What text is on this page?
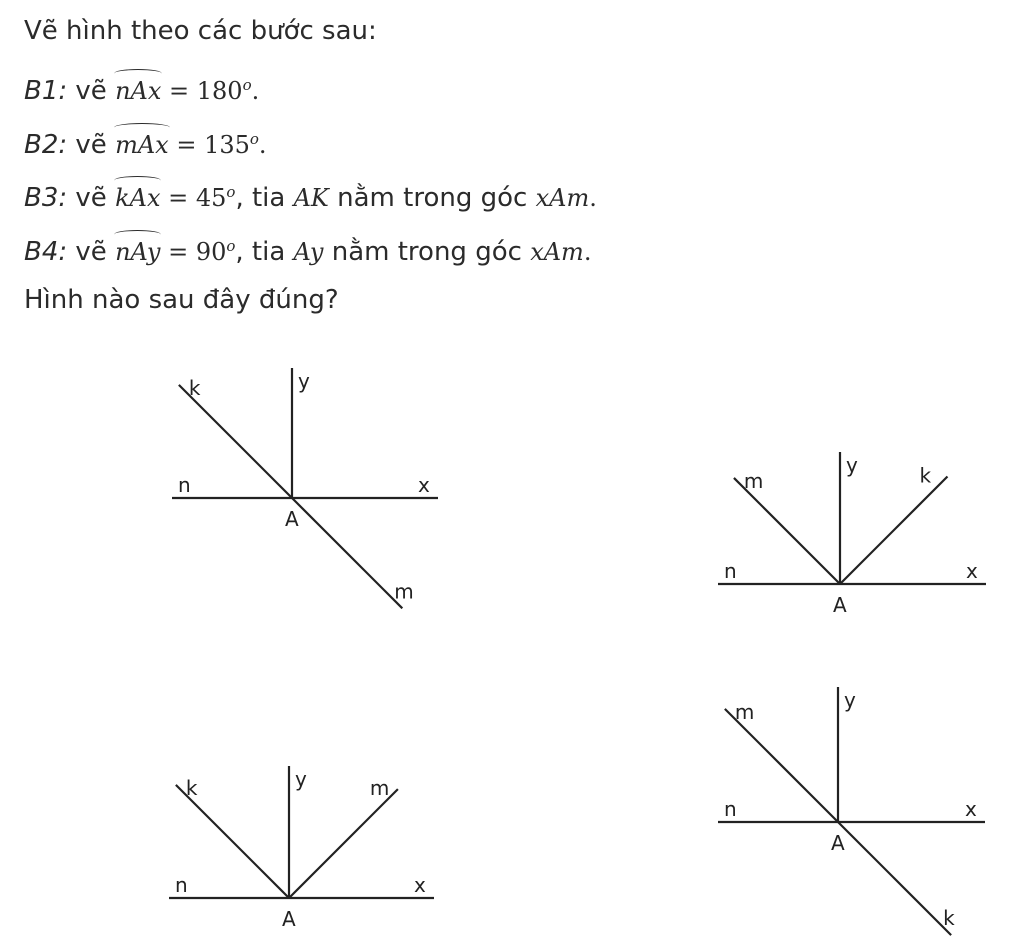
Vẽ hình theo các bước sau:
B1: vẽ nAx = $180^o$.
B2: vẽ mAx = $135^o$.
B3: vẽ kAx = $45^o$, tia AK nằm trong góc xAm.
B4: vẽ nAy = $90^o$, tia Ay nằm trong góc xAm.
Hình nào sau đây đúng?
n	x
y
k
m
A
n	x
y
m	k
A
n	x
y
k	m
A
n	x
y
m
k
A
